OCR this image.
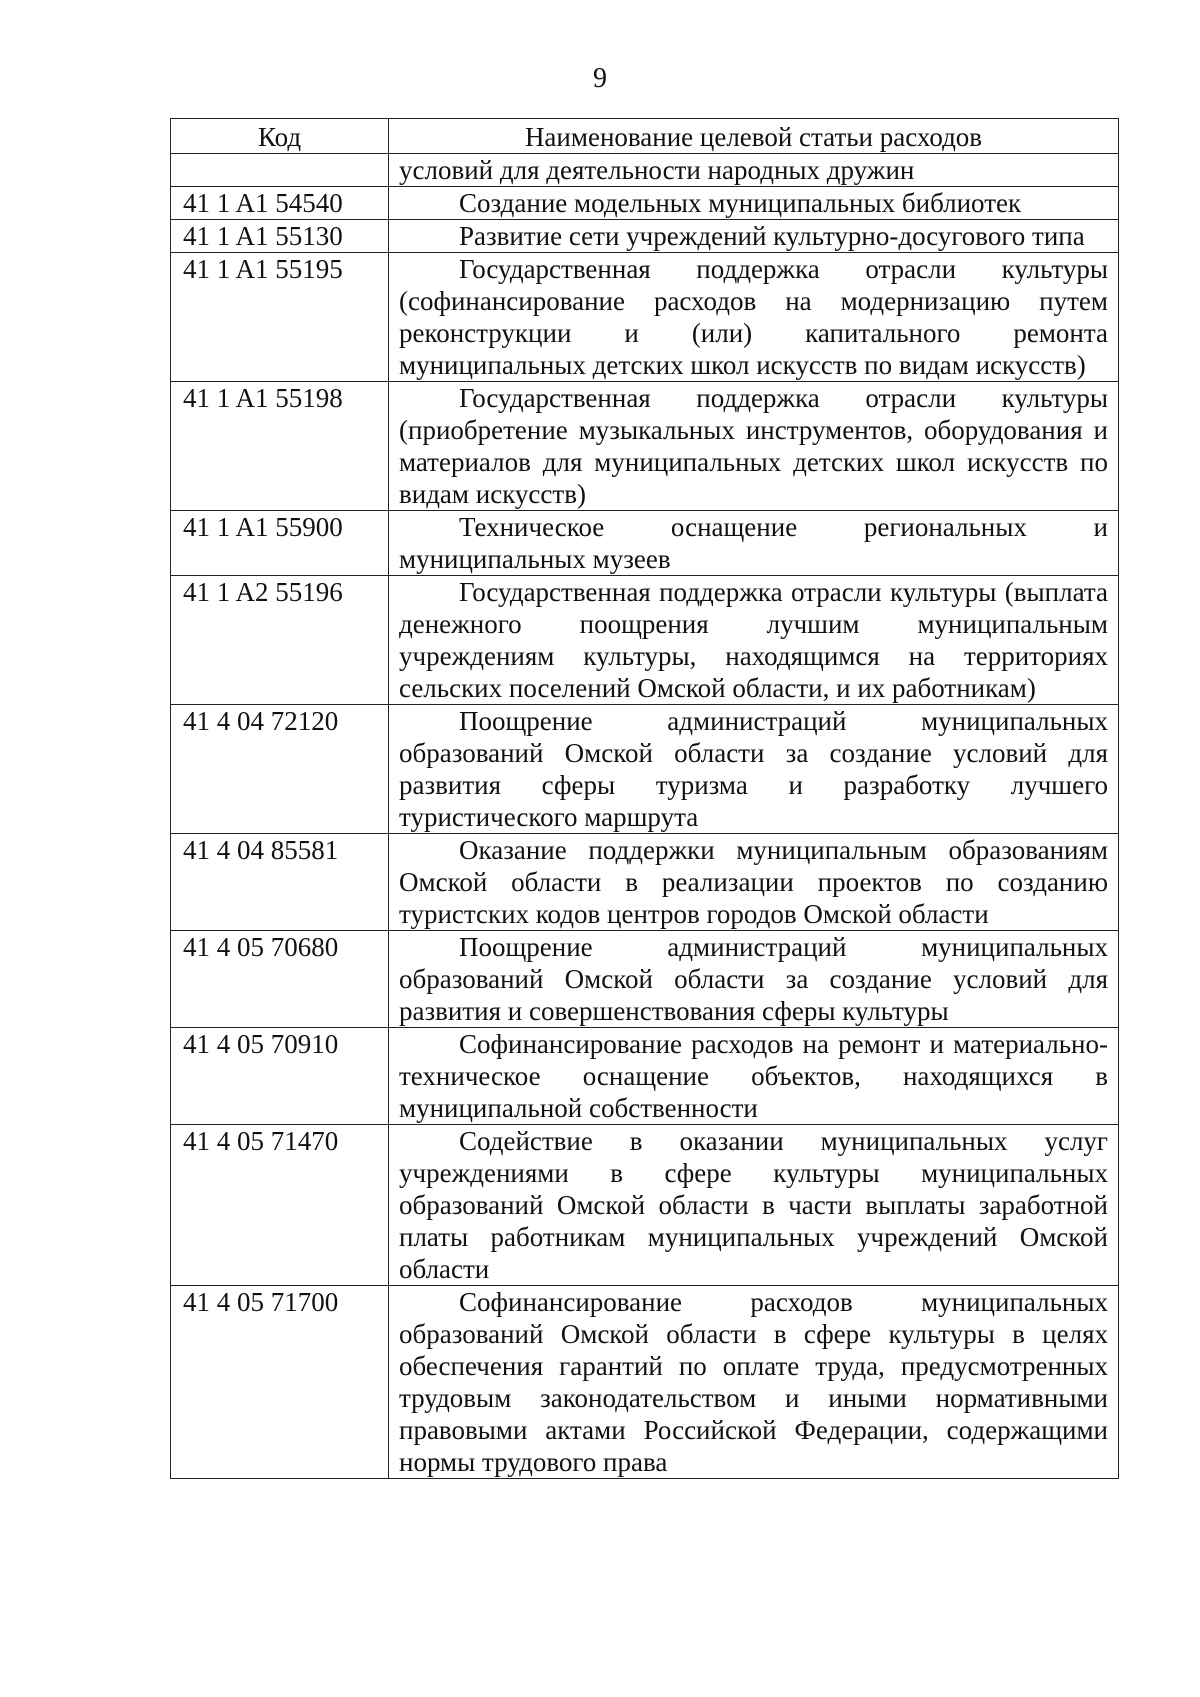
9
Код	Наименование целевой статьи расходов
	условий для деятельности народных дружин
41 1 A1 54540	Создание модельных муниципальных библиотек
41 1 A1 55130	Развитие сети учреждений культурно-досугового типа
41 1 A1 55195	Государственная поддержка отрасли культуры (софинансирование расходов на модернизацию путем реконструкции и (или) капитального ремонта муниципальных детских школ искусств по видам искусств)
41 1 A1 55198	Государственная поддержка отрасли культуры (приобретение музыкальных инструментов, оборудования и материалов для муниципальных детских школ искусств по видам искусств)
41 1 A1 55900	Техническое оснащение региональных и муниципальных музеев
41 1 A2 55196	Государственная поддержка отрасли культуры (выплата денежного поощрения лучшим муниципальным учреждениям культуры, находящимся на территориях сельских поселений Омской области, и их работникам)
41 4 04 72120	Поощрение администраций муниципальных образований Омской области за создание условий для развития сферы туризма и разработку лучшего туристического маршрута
41 4 04 85581	Оказание поддержки муниципальным образованиям Омской области в реализации проектов по созданию туристских кодов центров городов Омской области
41 4 05 70680	Поощрение администраций муниципальных образований Омской области за создание условий для развития и совершенствования сферы культуры
41 4 05 70910	Софинансирование расходов на ремонт и материально-техническое оснащение объектов, находящихся в муниципальной собственности
41 4 05 71470	Содействие в оказании муниципальных услуг учреждениями в сфере культуры муниципальных образований Омской области в части выплаты заработной платы работникам муниципальных учреждений Омской области
41 4 05 71700	Софинансирование расходов муниципальных образований Омской области в сфере культуры в целях обеспечения гарантий по оплате труда, предусмотренных трудовым законодательством и иными нормативными правовыми актами Российской Федерации, содержащими нормы трудового права
